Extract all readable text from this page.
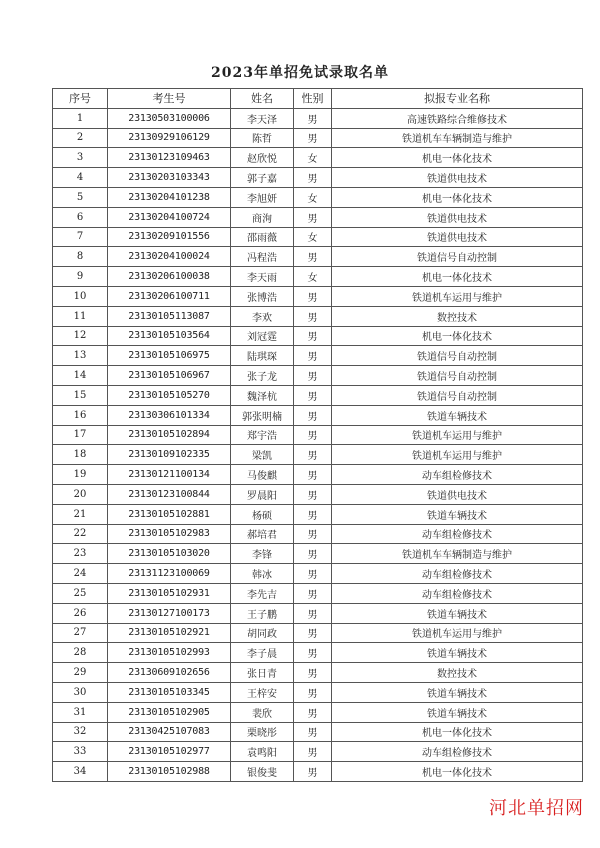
2023年单招免试录取名单
序号	考生号	姓名	性别	拟报专业名称
1	23130503100006	李天泽	男	高速铁路综合维修技术
2	23130929106129	陈哲	男	铁道机车车辆制造与维护
3	23130123109463	赵欣悦	女	机电一体化技术
4	23130203103343	郭子嘉	男	铁道供电技术
5	23130204101238	李旭妍	女	机电一体化技术
6	23130204100724	商洵	男	铁道供电技术
7	23130209101556	邵雨薇	女	铁道供电技术
8	23130204100024	冯程浩	男	铁道信号自动控制
9	23130206100038	李天雨	女	机电一体化技术
10	23130206100711	张博浩	男	铁道机车运用与维护
11	23130105113087	李欢	男	数控技术
12	23130105103564	刘冠霆	男	机电一体化技术
13	23130105106975	陆琪琛	男	铁道信号自动控制
14	23130105106967	张子龙	男	铁道信号自动控制
15	23130105105270	魏泽杭	男	铁道信号自动控制
16	23130306101334	郭张明楠	男	铁道车辆技术
17	23130105102894	郑宇浩	男	铁道机车运用与维护
18	23130109102335	梁凯	男	铁道机车运用与维护
19	23130121100134	马俊麒	男	动车组检修技术
20	23130123100844	罗晨阳	男	铁道供电技术
21	23130105102881	杨硕	男	铁道车辆技术
22	23130105102983	郝培君	男	动车组检修技术
23	23130105103020	李锋	男	铁道机车车辆制造与维护
24	23131123100069	韩冰	男	动车组检修技术
25	23130105102931	李先吉	男	动车组检修技术
26	23130127100173	王子鹏	男	铁道车辆技术
27	23130105102921	胡同政	男	铁道机车运用与维护
28	23130105102993	李子晨	男	铁道车辆技术
29	23130609102656	张日青	男	数控技术
30	23130105103345	王梓安	男	铁道车辆技术
31	23130105102905	裴欣	男	铁道车辆技术
32	23130425107083	栗晓彤	男	机电一体化技术
33	23130105102977	袁鸣阳	男	动车组检修技术
34	23130105102988	银俊斐	男	机电一体化技术
河北单招网
